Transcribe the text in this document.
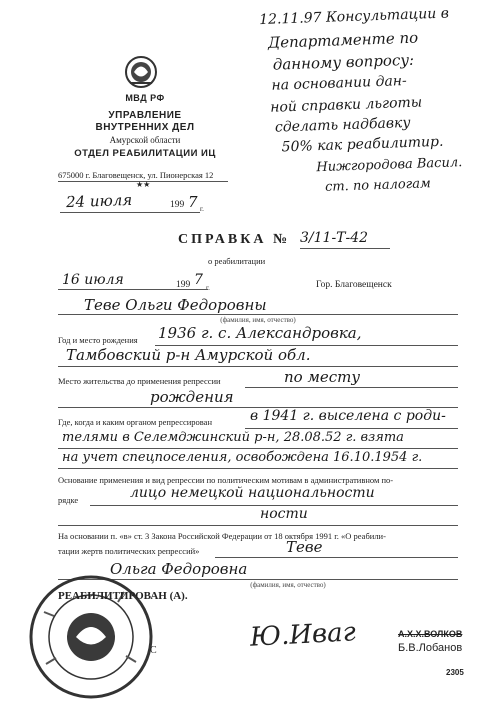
МВД РФ
УПРАВЛЕНИЕ
ВНУТРЕННИХ ДЕЛ
Амурской области
ОТДЕЛ РЕАБИЛИТАЦИИ ИЦ
675000 г. Благовещенск, ул. Пионерская 12
★★
24 июля	199 7 г.
12.11.97 Консультации в
Департаменте по
данному вопросу:
на основании дан-
ной справки льготы
сделать надбавку
50% как реабилитир.
Нижгородова Васил.
ст. по налогам
СПРАВКА № 3/11-Т-42
о реабилитации
16 июля	199 7 г.	Гор. Благовещенск
Теве Ольги Федоровны
(фамилия, имя, отчество)
Год и место рождения 1936 г. с. Александровка,
Тамбовский р-н Амурской обл.
Место жительства до применения репрессии	по месту
рождения
Где, когда и каким органом репрессирован	в 1941 г. выселена с роди-
телями в Селемджинский р-н, 28.08.52 г. взята
на учет спецпоселения, освобождена 16.10.1954 г.
Основание применения и вид репрессии по политическим мотивам в административном по-
рядке	лицо немецкой национальности
ности
На основании п. «в» ст. 3 Закона Российской Федерации от 18 октября 1991 г. «О реабили-
тации жертв политических репрессий»	Теве
Ольга Федоровна
(фамилия, имя, отчество)
РЕАБИЛИТИРОВАН (А).
С	Ю.Иваг	А.Х.Х.ВОЛКОВ
Б.В.Лобанов
2305
